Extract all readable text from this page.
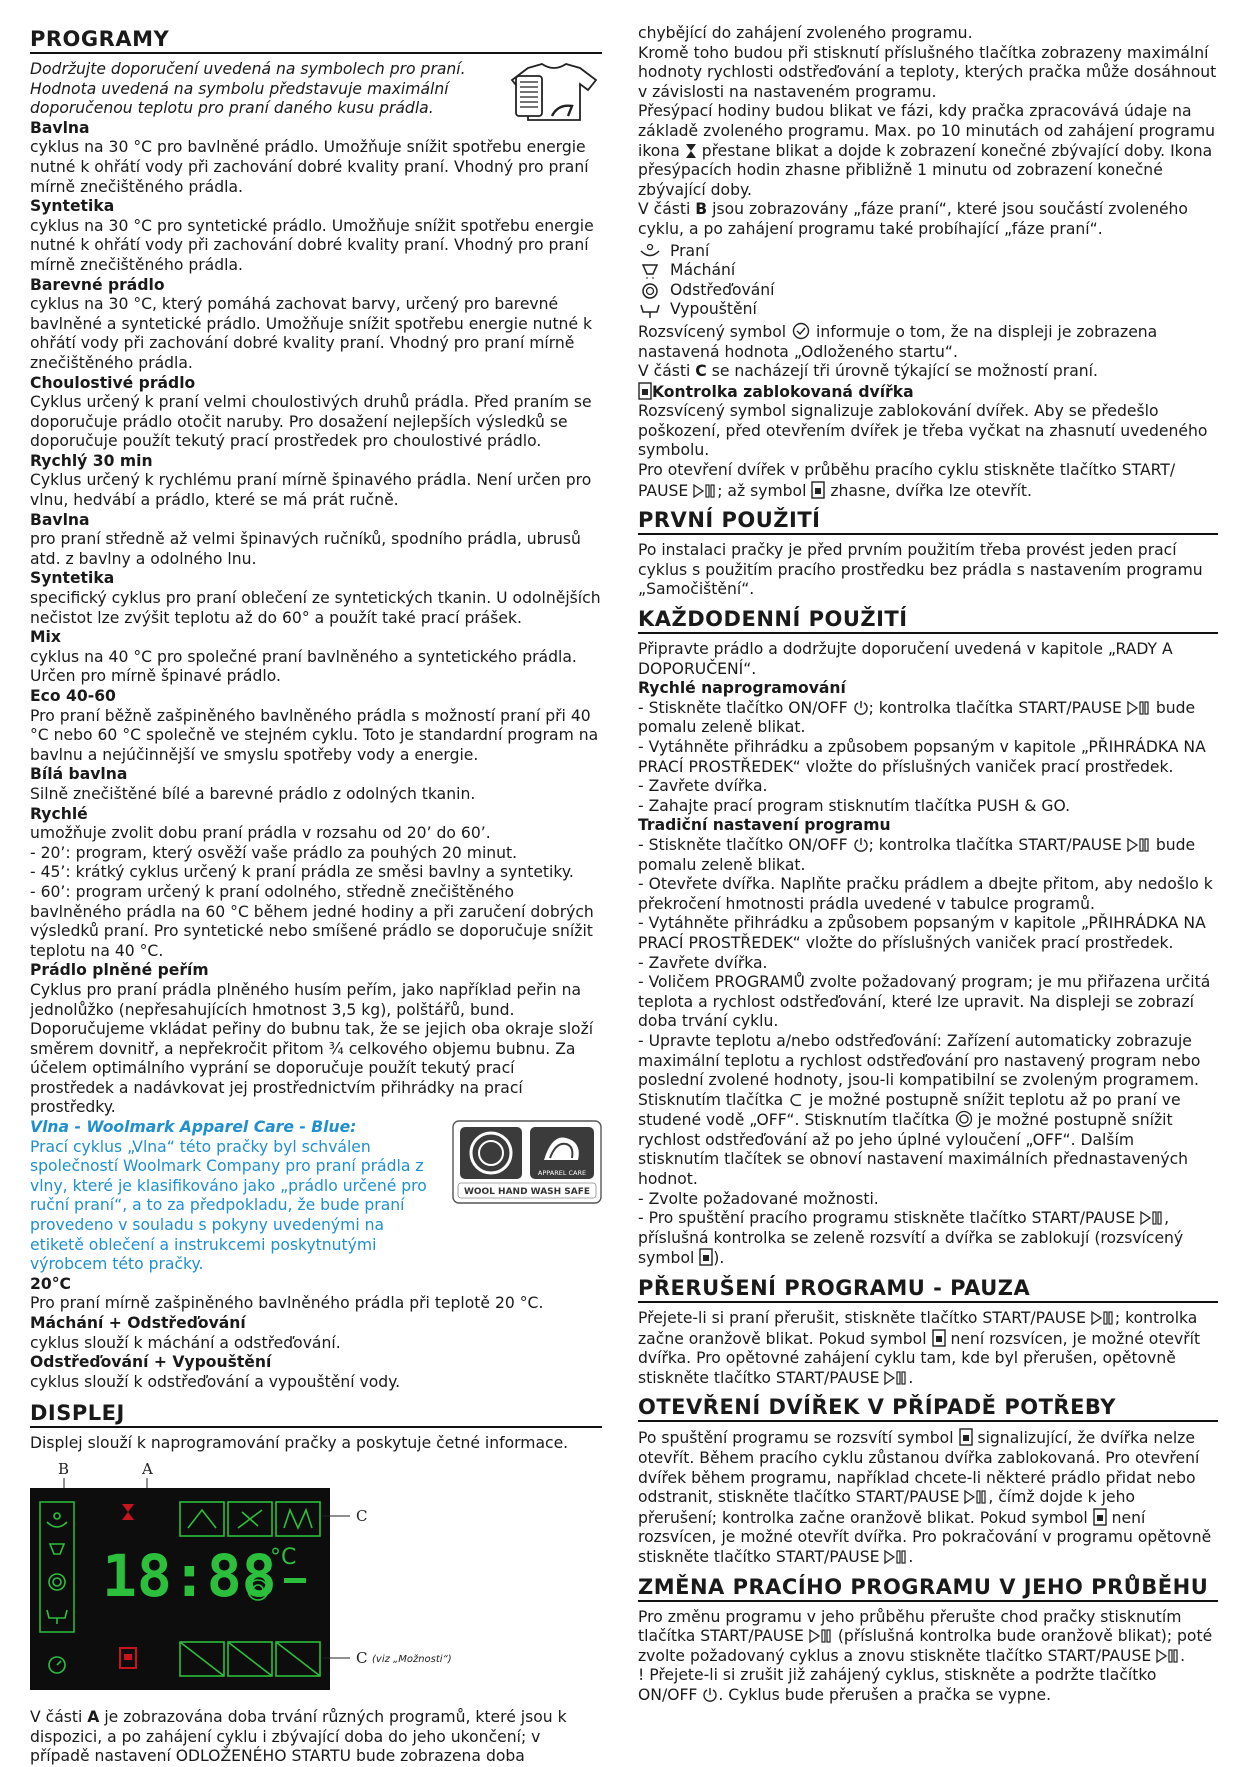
PROGRAMY

Dodržujte doporučení uvedená na symbolech pro praní. Hodnota uvedená na symbolu představuje maximální doporučenou teplotu pro praní daného kusu prádla.

Bavlna

cyklus na 30 °C pro bavlněné prádlo. Umožňuje snížit spotřebu energie nutné k ohřátí vody při zachování dobré kvality praní. Vhodný pro praní mírně znečištěného prádla.

Syntetika

cyklus na 30 °C pro syntetické prádlo. Umožňuje snížit spotřebu energie nutné k ohřátí vody při zachování dobré kvality praní. Vhodný pro praní mírně znečištěného prádla.

Barevné prádlo

cyklus na 30 °C, který pomáhá zachovat barvy, určený pro barevné bavlněné a syntetické prádlo. Umožňuje snížit spotřebu energie nutné k ohřátí vody při zachování dobré kvality praní. Vhodný pro praní mírně znečištěného prádla.

Choulostivé prádlo

Cyklus určený k praní velmi choulostivých druhů prádla. Před praním se doporučuje prádlo otočit naruby. Pro dosažení nejlepších výsledků se doporučuje použít tekutý prací prostředek pro choulostivé prádlo.

Rychlý 30 min

Cyklus určený k rychlému praní mírně špinavého prádla. Není určen pro vlnu, hedvábí a prádlo, které se má prát ručně.

Bavlna

pro praní středně až velmi špinavých ručníků, spodního prádla, ubrusů atd. z bavlny a odolného lnu.

Syntetika

specifický cyklus pro praní oblečení ze syntetických tkanin. U odolnějších nečistot lze zvýšit teplotu až do 60° a použít také prací prášek.

Mix

cyklus na 40 °C pro společné praní bavlněného a syntetického prádla. Určen pro mírně špinavé prádlo.

Eco 40-60

Pro praní běžně zašpiněného bavlněného prádla s možností praní při 40 °C nebo 60 °C společně ve stejném cyklu. Toto je standardní program na bavlnu a nejúčinnější ve smyslu spotřeby vody a energie.

Bílá bavlna

Silně znečištěné bílé a barevné prádlo z odolných tkanin.

Rychlé

umožňuje zvolit dobu praní prádla v rozsahu od 20’ do 60’.

- 20’: program, který osvěží vaše prádlo za pouhých 20 minut.

- 45’: krátký cyklus určený k praní prádla ze směsi bavlny a syntetiky.

- 60’: program určený k praní odolného, středně znečištěného bavlněného prádla na 60 °C během jedné hodiny a při zaručení dobrých výsledků praní. Pro syntetické nebo smíšené prádlo se doporučuje snížit teplotu na 40 °C.

Prádlo plněné peřím

Cyklus pro praní prádla plněného husím peřím, jako například peřin na jednolůžko (nepřesahujících hmotnost 3,5 kg), polštářů, bund. Doporučujeme vkládat peřiny do bubnu tak, že se jejich oba okraje složí směrem dovnitř, a nepřekročit přitom ¾ celkového objemu bubnu. Za účelem optimálního vyprání se doporučuje použít tekutý prací prostředek a nadávkovat jej prostřednictvím přihrádky na prací prostředky.

Vlna - Woolmark Apparel Care - Blue:

Prací cyklus „Vlna“ této pračky byl schválen společností Woolmark Company pro praní prádla z vlny, které je klasifikováno jako „prádlo určené pro ruční praní“, a to za předpokladu, že bude praní provedeno v souladu s pokyny uvedenými na etiketě oblečení a instrukcemi poskytnutými výrobcem této pračky.

APPAREL CARE
WOOL HAND WASH SAFE

20°C

Pro praní mírně zašpiněného bavlněného prádla při teplotě 20 °C.

Máchání + Odstřeďování

cyklus slouží k máchání a odstřeďování.

Odstřeďování + Vypouštění

cyklus slouží k odstřeďování a vypouštění vody.

DISPLEJ

Displej slouží k naprogramování pračky a poskytuje četné informace.

B	A
18:88
°C
C
C (viz „Možnosti“)

V části A je zobrazována doba trvání různých programů, které jsou k dispozici, a po zahájení cyklu i zbývající doba do jeho ukončení; v případě nastavení ODLOŽENÉHO STARTU bude zobrazena doba

chybějící do zahájení zvoleného programu.

Kromě toho budou při stisknutí příslušného tlačítka zobrazeny maximální hodnoty rychlosti odstřeďování a teploty, kterých pračka může dosáhnout v závislosti na nastaveném programu.

Přesýpací hodiny budou blikat ve fázi, kdy pračka zpracovává údaje na základě zvoleného programu. Max. po 10 minutách od zahájení programu ikona  přestane blikat a dojde k zobrazení konečné zbývající doby. Ikona přesýpacích hodin zhasne přibližně 1 minutu od zobrazení konečné zbývající doby.

V části B jsou zobrazovány „fáze praní“, které jsou součástí zvoleného cyklu, a po zahájení programu také probíhající „fáze praní“.

Praní
Máchání
Odstřeďování
Vypouštění

Rozsvícený symbol  informuje o tom, že na displeji je zobrazena nastavená hodnota „Odloženého startu“.

V části C se nacházejí tři úrovně týkající se možností praní.

Kontrolka zablokovaná dvířka

Rozsvícený symbol signalizuje zablokování dvířek. Aby se předešlo poškození, před otevřením dvířek je třeba vyčkat na zhasnutí uvedeného symbolu.

Pro otevření dvířek v průběhu pracího cyklu stiskněte tlačítko START/ PAUSE ; až symbol  zhasne, dvířka lze otevřít.

PRVNÍ POUŽITÍ

Po instalaci pračky je před prvním použitím třeba provést jeden prací cyklus s použitím pracího prostředku bez prádla s nastavením programu „Samočištění“.

KAŽDODENNÍ POUŽITÍ

Připravte prádlo a dodržujte doporučení uvedená v kapitole „RADY A DOPORUČENÍ“.

Rychlé naprogramování

- Stiskněte tlačítko ON/OFF ; kontrolka tlačítka START/PAUSE  bude pomalu zeleně blikat.

- Vytáhněte přihrádku a způsobem popsaným v kapitole „PŘIHRÁDKA NA PRACÍ PROSTŘEDEK“ vložte do příslušných vaniček prací prostředek.

- Zavřete dvířka.

- Zahajte prací program stisknutím tlačítka PUSH & GO.

Tradiční nastavení programu

- Stiskněte tlačítko ON/OFF ; kontrolka tlačítka START/PAUSE  bude pomalu zeleně blikat.

- Otevřete dvířka. Naplňte pračku prádlem a dbejte přitom, aby nedošlo k překročení hmotnosti prádla uvedené v tabulce programů.

- Vytáhněte přihrádku a způsobem popsaným v kapitole „PŘIHRÁDKA NA PRACÍ PROSTŘEDEK“ vložte do příslušných vaniček prací prostředek.

- Zavřete dvířka.

- Voličem PROGRAMŮ zvolte požadovaný program; je mu přiřazena určitá teplota a rychlost odstřeďování, které lze upravit. Na displeji se zobrazí doba trvání cyklu.

- Upravte teplotu a/nebo odstřeďování: Zařízení automaticky zobrazuje maximální teplotu a rychlost odstřeďování pro nastavený program nebo poslední zvolené hodnoty, jsou-li kompatibilní se zvoleným programem. Stisknutím tlačítka  je možné postupně snížit teplotu až po praní ve studené vodě „OFF“. Stisknutím tlačítka  je možné postupně snížit rychlost odstřeďování až po jeho úplné vyloučení „OFF“. Dalším stisknutím tlačítek se obnoví nastavení maximálních přednastavených hodnot.

- Zvolte požadované možnosti.

- Pro spuštění pracího programu stiskněte tlačítko START/PAUSE , příslušná kontrolka se zeleně rozsvítí a dvířka se zablokují (rozsvícený symbol ).

PŘERUŠENÍ PROGRAMU - PAUZA

Přejete-li si praní přerušit, stiskněte tlačítko START/PAUSE ; kontrolka začne oranžově blikat. Pokud symbol  není rozsvícen, je možné otevřít dvířka. Pro opětovné zahájení cyklu tam, kde byl přerušen, opětovně stiskněte tlačítko START/PAUSE .

OTEVŘENÍ DVÍŘEK V PŘÍPADĚ POTŘEBY

Po spuštění programu se rozsvítí symbol  signalizující, že dvířka nelze otevřít. Během pracího cyklu zůstanou dvířka zablokovaná. Pro otevření dvířek během programu, například chcete-li některé prádlo přidat nebo odstranit, stiskněte tlačítko START/PAUSE , čímž dojde k jeho přerušení; kontrolka začne oranžově blikat. Pokud symbol  není rozsvícen, je možné otevřít dvířka. Pro pokračování v programu opětovně stiskněte tlačítko START/PAUSE .

ZMĚNA PRACÍHO PROGRAMU V JEHO PRŮBĚHU

Pro změnu programu v jeho průběhu přerušte chod pračky stisknutím tlačítka START/PAUSE  (příslušná kontrolka bude oranžově blikat); poté zvolte požadovaný cyklus a znovu stiskněte tlačítko START/PAUSE .

! Přejete-li si zrušit již zahájený cyklus, stiskněte a podržte tlačítko ON/OFF . Cyklus bude přerušen a pračka se vypne.
